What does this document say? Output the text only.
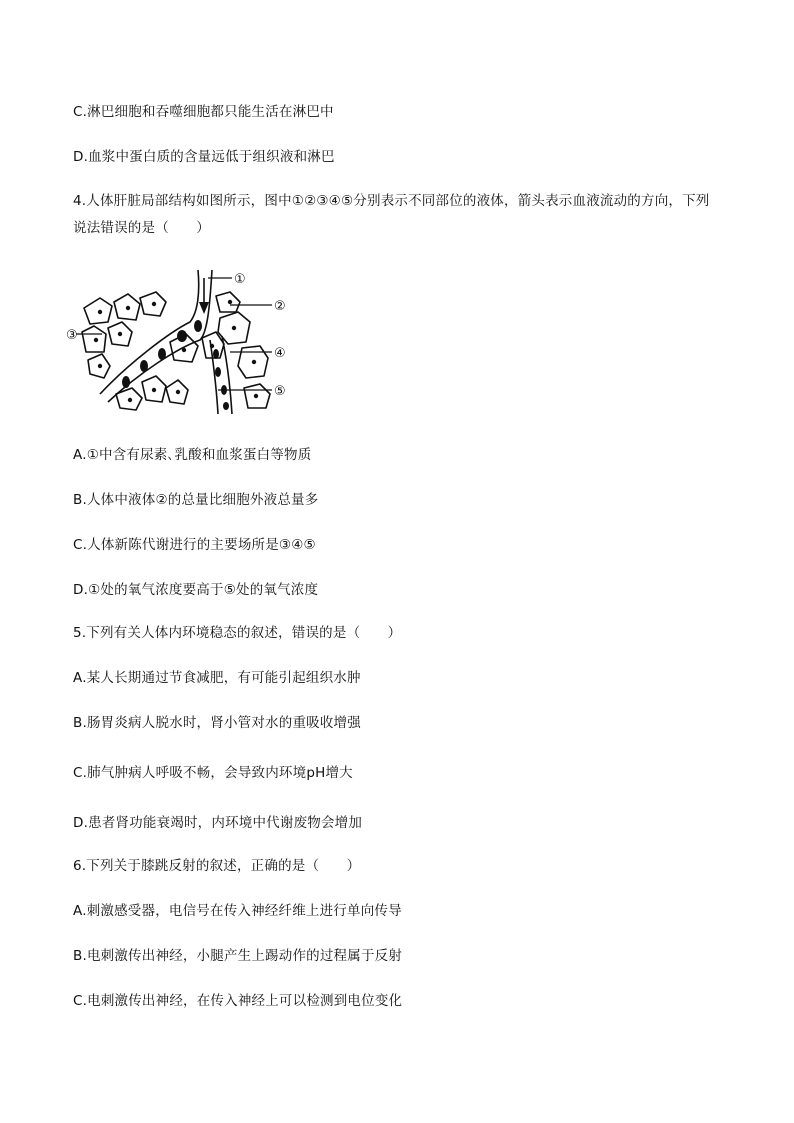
C.淋巴细胞和吞噬细胞都只能生活在淋巴中
D.血浆中蛋白质的含量远低于组织液和淋巴
4.人体肝脏局部结构如图所示，图中①②③④⑤分别表示不同部位的液体，箭头表示血液流动的方向，下列说法错误的是（　　）
①
②
③
④
⑤
A.①中含有尿素､乳酸和血浆蛋白等物质
B.人体中液体②的总量比细胞外液总量多
C.人体新陈代谢进行的主要场所是③④⑤
D.①处的氧气浓度要高于⑤处的氧气浓度
5.下列有关人体内环境稳态的叙述，错误的是（　　）
A.某人长期通过节食减肥，有可能引起组织水肿
B.肠胃炎病人脱水时，肾小管对水的重吸收增强
C.肺气肿病人呼吸不畅，会导致内环境pH增大
D.患者肾功能衰竭时，内环境中代谢废物会增加
6.下列关于膝跳反射的叙述，正确的是（　　）
A.刺激感受器，电信号在传入神经纤维上进行单向传导
B.电刺激传出神经，小腿产生上踢动作的过程属于反射
C.电刺激传出神经，在传入神经上可以检测到电位变化
